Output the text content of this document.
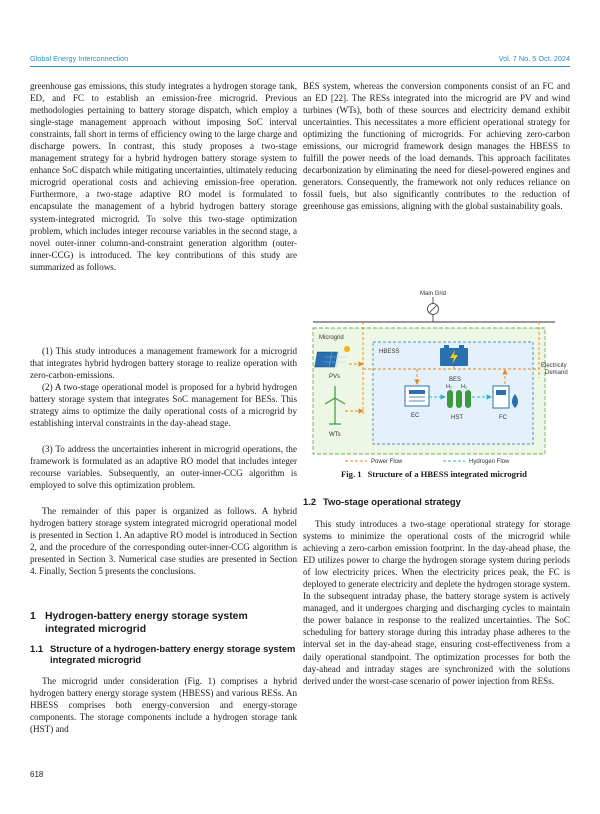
Global Energy Interconnection	Vol. 7 No. 5 Oct. 2024

greenhouse gas emissions, this study integrates a hydrogen storage tank, ED, and FC to establish an emission-free microgrid. Previous methodologies pertaining to battery storage dispatch, which employ a single-stage management approach without imposing SoC interval constraints, fall short in terms of efficiency owing to the large charge and discharge powers. In contrast, this study proposes a two-stage management strategy for a hybrid hydrogen battery storage system to enhance SoC dispatch while mitigating uncertainties, ultimately reducing microgrid operational costs and achieving emission-free operation. Furthermore, a two-stage adaptive RO model is formulated to encapsulate the management of a hybrid hydrogen battery storage system-integrated microgrid. To solve this two-stage optimization problem, which includes integer recourse variables in the second stage, a novel outer-inner column-and-constraint generation algorithm (outer-inner-CCG) is introduced. The key contributions of this study are summarized as follows.

(1) This study introduces a management framework for a microgrid that integrates hybrid hydrogen battery storage to realize operation with zero-carbon-emissions.

(2) A two-stage operational model is proposed for a hybrid hydrogen battery storage system that integrates SoC management for BESs. This strategy aims to optimize the daily operational costs of a microgrid by establishing interval constraints in the day-ahead stage.

(3) To address the uncertainties inherent in microgrid operations, the framework is formulated as an adaptive RO model that includes integer recourse variables. Subsequently, an outer-inner-CCG algorithm is employed to solve this optimization problem.

The remainder of this paper is organized as follows. A hybrid hydrogen battery storage system integrated microgrid operational model is presented in Section 1. An adaptive RO model is introduced in Section 2, and the procedure of the corresponding outer-inner-CCG algorithm is presented in Section 3. Numerical case studies are presented in Section 4. Finally, Section 5 presents the conclusions.

1 Hydrogen-battery energy storage system integrated microgrid
1.1 Structure of a hydrogen-battery energy storage system integrated microgrid

The microgrid under consideration (Fig. 1) comprises a hybrid hydrogen battery energy storage system (HBESS) and various RESs. An HBESS comprises both energy-conversion and energy-storage components. The storage components include a hydrogen storage tank (HST) and

BES system, whereas the conversion components consist of an FC and an ED [22]. The RESs integrated into the microgrid are PV and wind turbines (WTs), both of these sources and electricity demand exhibit uncertainties. This necessitates a more efficient operational strategy for optimizing the functioning of microgrids. For achieving zero-carbon emissions, our microgrid framework design manages the HBESS to fulfill the power needs of the load demands. This approach facilitates decarbonization by eliminating the need for diesel-powered engines and generators. Consequently, the framework not only reduces reliance on fossil fuels, but also significantly contributes to the reduction of greenhouse gas emissions, aligning with the global sustainability goals.

Main Grid
Microgrid
HBESS
Electricity
Demand
PVs
WTs
BES
EC
H₂ H₂
HST	FC
Power Flow	Hydrogen Flow
Fig. 1 Structure of a HBESS integrated microgrid
1.2 Two-stage operational strategy

This study introduces a two-stage operational strategy for storage systems to minimize the operational costs of the microgrid while achieving a zero-carbon emission footprint. In the day-ahead phase, the ED utilizes power to charge the hydrogen storage system during periods of low electricity prices. When the electricity prices peak, the FC is deployed to generate electricity and deplete the hydrogen storage system. In the subsequent intraday phase, the battery storage system is actively managed, and it undergoes charging and discharging cycles to maintain the power balance in response to the realized uncertainties. The SoC scheduling for battery storage during this intraday phase adheres to the interval set in the day-ahead stage, ensuring cost-effectiveness from a daily operational standpoint. The optimization processes for both the day-ahead and intraday stages are synchronized with the solutions derived under the worst-case scenario of power injection from RESs.

618
